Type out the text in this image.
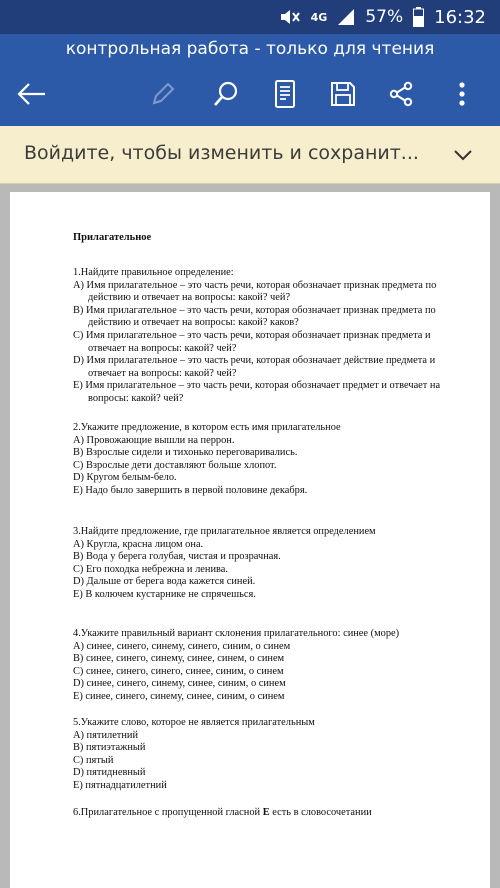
4G 57% 16:32
контрольная работа - только для чтения
Войдите, чтобы изменить и сохранит...
Прилагательное

1.Найдите правильное определение:

А) Имя прилагательное – это часть речи, которая обозначает признак предмета по действию и отвечает на вопросы: какой? чей?

В) Имя прилагательное – это часть речи, которая обозначает признак предмета по действию и отвечает на вопросы: какой? каков?

С) Имя прилагательное – это часть речи, которая обозначает признак предмета и отвечает на вопросы: какой? чей?

D) Имя прилагательное – это часть речи, которая обозначает действие предмета и отвечает на вопросы: какой? чей?

Е) Имя прилагательное – это часть речи, которая обозначает предмет и отвечает на вопросы: какой? чей?

2.Укажите предложение, в котором есть имя прилагательное

А) Провожающие вышли на перрон.

В) Взрослые сидели и тихонько переговаривались.

С) Взрослые дети доставляют больше хлопот.

D) Кругом белым-бело.

Е) Надо было завершить в первой половине декабря.

3.Найдите предложение, где прилагательное является определением

А) Кругла, красна лицом она.

В) Вода у берега голубая, чистая и прозрачная.

С) Его походка небрежна и ленива.

D) Дальше от берега вода кажется синей.

Е) В колючем кустарнике не спрячешься.

4.Укажите правильный вариант склонения прилагательного: синее (море)

А) синее, синего, синему, синего, синим, о синем

В) синее, синего, синему, синее, синем, о синем

С) синее, синего, синего, синее, синим, о синем

D) синее, синего, синему, синее, синим, о синем

Е) синее, синего, синему, синее, синим, о синем

5.Укажите слово, которое не является прилагательным

А) пятилетний

В) пятиэтажный

С) пятый

D) пятидневный

Е) пятнадцатилетний

6.Прилагательное с пропущенной гласной Е есть в словосочетании
